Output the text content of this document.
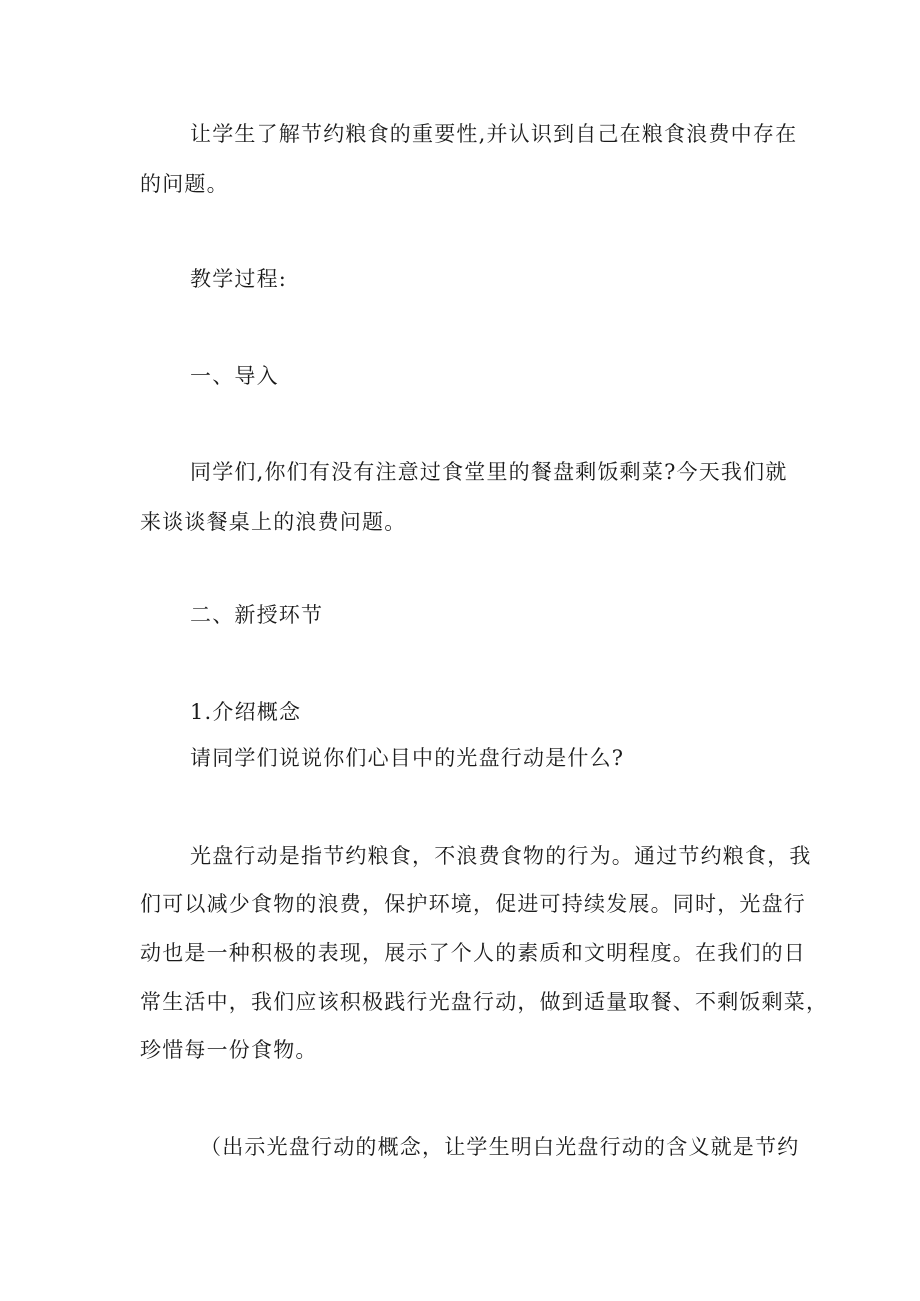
让学生了解节约粮食的重要性,并认识到自己在粮食浪费中存在
的问题。
教学过程:
一、导入
同学们,你们有没有注意过食堂里的餐盘剩饭剩菜?今天我们就
来谈谈餐桌上的浪费问题。
二、新授环节
1.介绍概念
请同学们说说你们心目中的光盘行动是什么?
光盘行动是指节约粮食，不浪费食物的行为。通过节约粮食，我
们可以减少食物的浪费，保护环境，促进可持续发展。同时，光盘行
动也是一种积极的表现，展示了个人的素质和文明程度。在我们的日
常生活中，我们应该积极践行光盘行动，做到适量取餐、不剩饭剩菜，
珍惜每一份食物。
（出示光盘行动的概念，让学生明白光盘行动的含义就是节约
